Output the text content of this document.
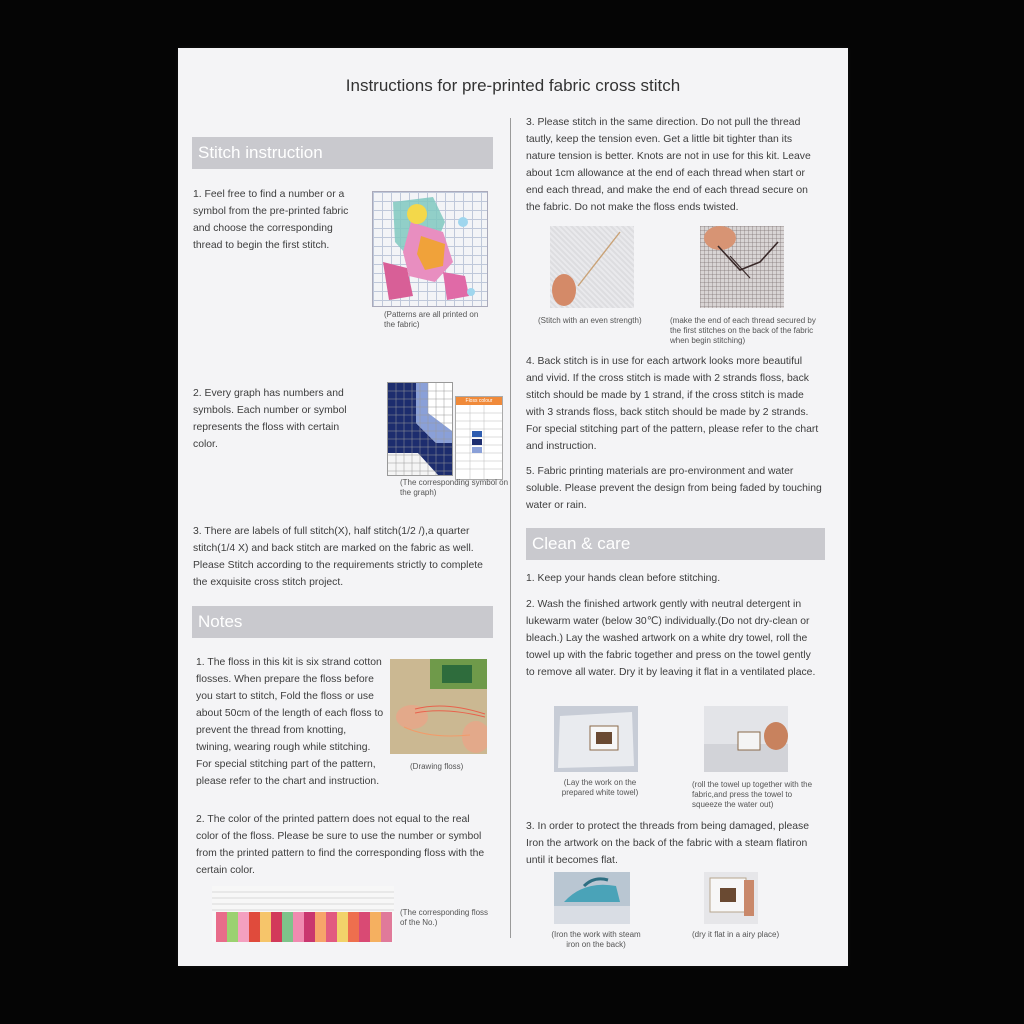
Instructions for pre-printed fabric cross stitch
Stitch instruction

1. Feel free to find a number or a symbol from the pre-printed fabric and choose the corresponding thread to begin the first stitch.

(Patterns are all printed on the fabric)

2. Every graph has numbers and symbols. Each number or symbol represents the floss with certain color.

Floss colour
(The corresponding symbol on the graph)

3. There are labels of full stitch(X), half stitch(1/2 /),a quarter stitch(1/4 X) and back stitch are marked on the fabric as well. Please Stitch according to the requirements strictly to complete the exquisite cross stitch project.

Notes

1. The floss in this kit is six strand cotton flosses. When prepare the floss before you start to stitch, Fold the floss or use about 50cm of the length of each floss to prevent the thread from knotting, twining, wearing rough while stitching. For special stitching part of the pattern, please refer to the chart and instruction.

(Drawing floss)

2. The color of the printed pattern does not equal to the real color of the floss. Please be sure to use the number or symbol from the printed pattern to find the corresponding floss with the certain color.

(The corresponding floss of the No.)

3. Please stitch in the same direction. Do not pull the thread tautly, keep the tension even. Get a little bit tighter than its nature tension is better. Knots are not in use for this kit. Leave about 1cm allowance at the end of each thread when start or end each thread, and make the end of each thread secure on the fabric. Do not make the floss ends twisted.

(Stitch with an even strength)	(make the end of each thread secured by the first stitches on the back of the fabric when begin stitching)

4. Back stitch is in use for each artwork looks more beautiful and vivid. If the cross stitch is made with 2 strands floss, back stitch should be made by 1 strand, if the cross stitch is made with 3 strands floss, back stitch should be made by 2 strands. For special stitching part of the pattern, please refer to the chart and instruction.

5. Fabric printing materials are pro-environment and water soluble. Please prevent the design from being faded by touching water or rain.

Clean & care

1. Keep your hands clean before stitching.

2. Wash the finished artwork gently with neutral detergent in lukewarm water (below 30℃) individually.(Do not dry-clean or bleach.) Lay the washed artwork on a white dry towel, roll the towel up with the fabric together and press on the towel gently to remove all water. Dry it by leaving it flat in a ventilated place.

(Lay the work on the prepared white towel)
(roll the towel up together with the fabric,and press the towel to squeeze the water out)

3. In order to protect the threads from being damaged, please Iron the artwork on the back of the fabric with a steam flatiron until it becomes flat.

(Iron the work with steam iron on the back)
(dry it flat in a airy place)
